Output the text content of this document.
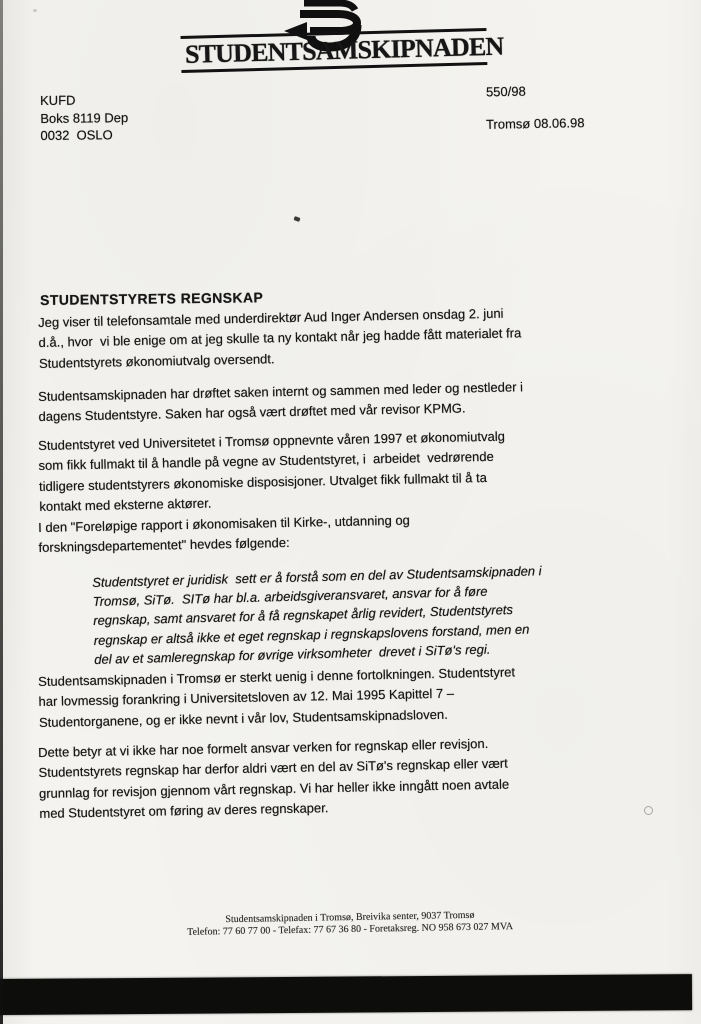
STUDENTSAMSKIPNADEN
KUFD
Boks 8119 Dep
0032  OSLO
550/98
Tromsø 08.06.98
STUDENTSTYRETS REGNSKAP
Jeg viser til telefonsamtale med underdirektør Aud Inger Andersen onsdag 2. juni
d.å., hvor  vi ble enige om at jeg skulle ta ny kontakt når jeg hadde fått materialet fra
Studentstyrets økonomiutvalg oversendt.
Studentsamskipnaden har drøftet saken internt og sammen med leder og nestleder i
dagens Studentstyre. Saken har også vært drøftet med vår revisor KPMG.
Studentstyret ved Universitetet i Tromsø oppnevnte våren 1997 et økonomiutvalg
som fikk fullmakt til å handle på vegne av Studentstyret, i  arbeidet  vedrørende
tidligere studentstyrers økonomiske disposisjoner. Utvalget fikk fullmakt til å ta
kontakt med eksterne aktører.
I den "Foreløpige rapport i økonomisaken til Kirke-, utdanning og
forskningsdepartementet" hevdes følgende:
Studentstyret er juridisk  sett er å forstå som en del av Studentsamskipnaden i
Tromsø, SiTø.  SITø har bl.a. arbeidsgiveransvaret, ansvar for å føre
regnskap, samt ansvaret for å få regnskapet årlig revidert, Studentstyrets
regnskap er altså ikke et eget regnskap i regnskapslovens forstand, men en
del av et samleregnskap for øvrige virksomheter  drevet i SiTø's regi.
Studentsamskipnaden i Tromsø er sterkt uenig i denne fortolkningen. Studentstyret
har lovmessig forankring i Universitetsloven av 12. Mai 1995 Kapittel 7 –
Studentorganene, og er ikke nevnt i vår lov, Studentsamskipnadsloven.
Dette betyr at vi ikke har noe formelt ansvar verken for regnskap eller revisjon.
Studentstyrets regnskap har derfor aldri vært en del av SiTø's regnskap eller vært
grunnlag for revisjon gjennom vårt regnskap. Vi har heller ikke inngått noen avtale
med Studentstyret om føring av deres regnskaper.
Studentsamskipnaden i Tromsø, Breivika senter, 9037 Tromsø
Telefon: 77 60 77 00 - Telefax: 77 67 36 80 - Foretaksreg. NO 958 673 027 MVA
